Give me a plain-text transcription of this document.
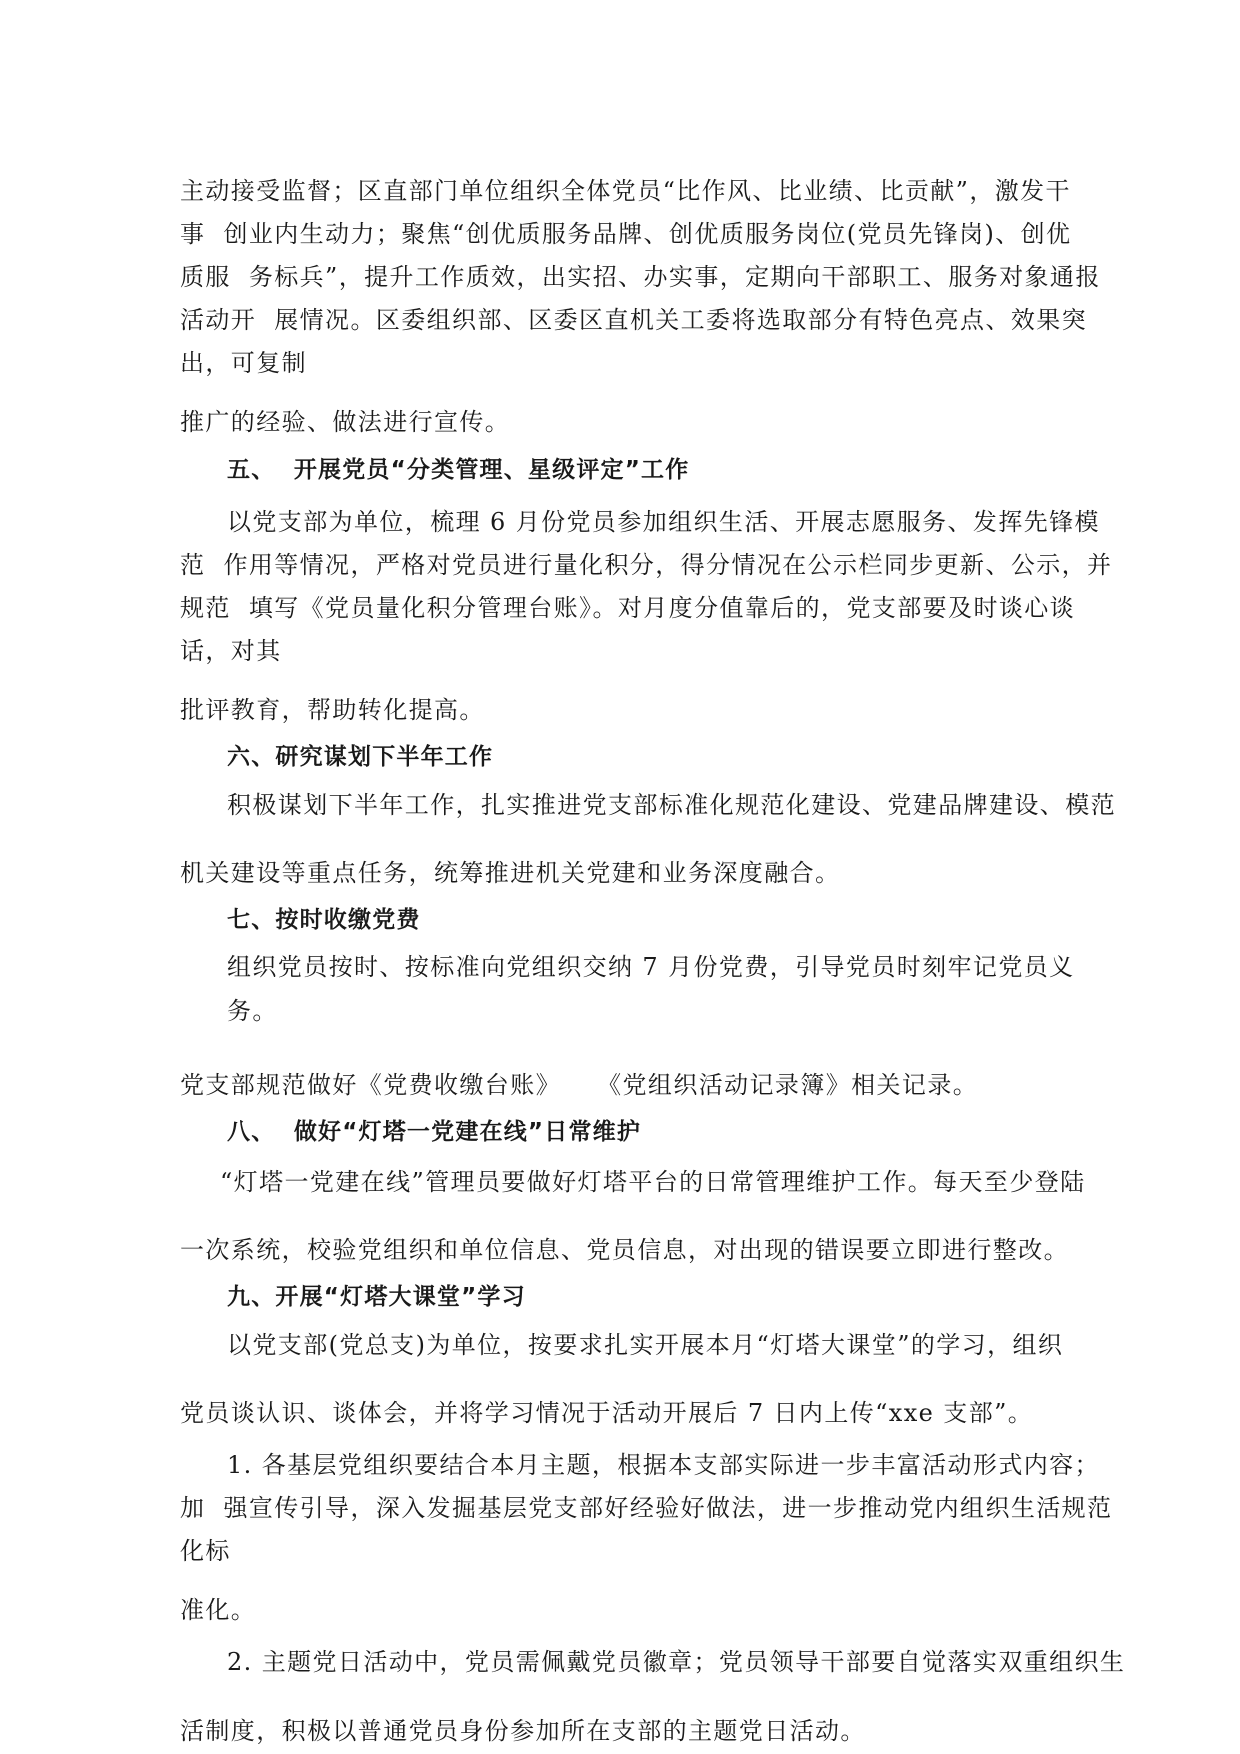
主动接受监督；区直部门单位组织全体党员“比作风、比业绩、比贡献”，激发干
事  创业内生动力；聚焦“创优质服务品牌、创优质服务岗位(党员先锋岗)、创优
质服  务标兵”，提升工作质效，出实招、办实事，定期向干部职工、服务对象通报
活动开  展情况。区委组织部、区委区直机关工委将选取部分有特色亮点、效果突
出，可复制
推广的经验、做法进行宣传。
五、  开展党员“分类管理、星级评定”工作
以党支部为单位，梳理 6 月份党员参加组织生活、开展志愿服务、发挥先锋模
范  作用等情况，严格对党员进行量化积分，得分情况在公示栏同步更新、公示，并
规范  填写《党员量化积分管理台账》。对月度分值靠后的，党支部要及时谈心谈
话，对其
批评教育，帮助转化提高。
六、研究谋划下半年工作
积极谋划下半年工作，扎实推进党支部标准化规范化建设、党建品牌建设、模范
机关建设等重点任务，统筹推进机关党建和业务深度融合。
七、按时收缴党费
组织党员按时、按标准向党组织交纳 7 月份党费，引导党员时刻牢记党员义
务。
党支部规范做好《党费收缴台账》    《党组织活动记录簿》相关记录。
八、  做好“灯塔一党建在线”日常维护
“灯塔一党建在线”管理员要做好灯塔平台的日常管理维护工作。每天至少登陆
一次系统，校验党组织和单位信息、党员信息，对出现的错误要立即进行整改。
九、开展“灯塔大课堂”学习
以党支部(党总支)为单位，按要求扎实开展本月“灯塔大课堂”的学习，组织
党员谈认识、谈体会，并将学习情况于活动开展后 7 日内上传“xxe 支部”。
1. 各基层党组织要结合本月主题，根据本支部实际进一步丰富活动形式内容；
加  强宣传引导，深入发掘基层党支部好经验好做法，进一步推动党内组织生活规范
化标
准化。
2. 主题党日活动中，党员需佩戴党员徽章；党员领导干部要自觉落实双重组织生
活制度，积极以普通党员身份参加所在支部的主题党日活动。
